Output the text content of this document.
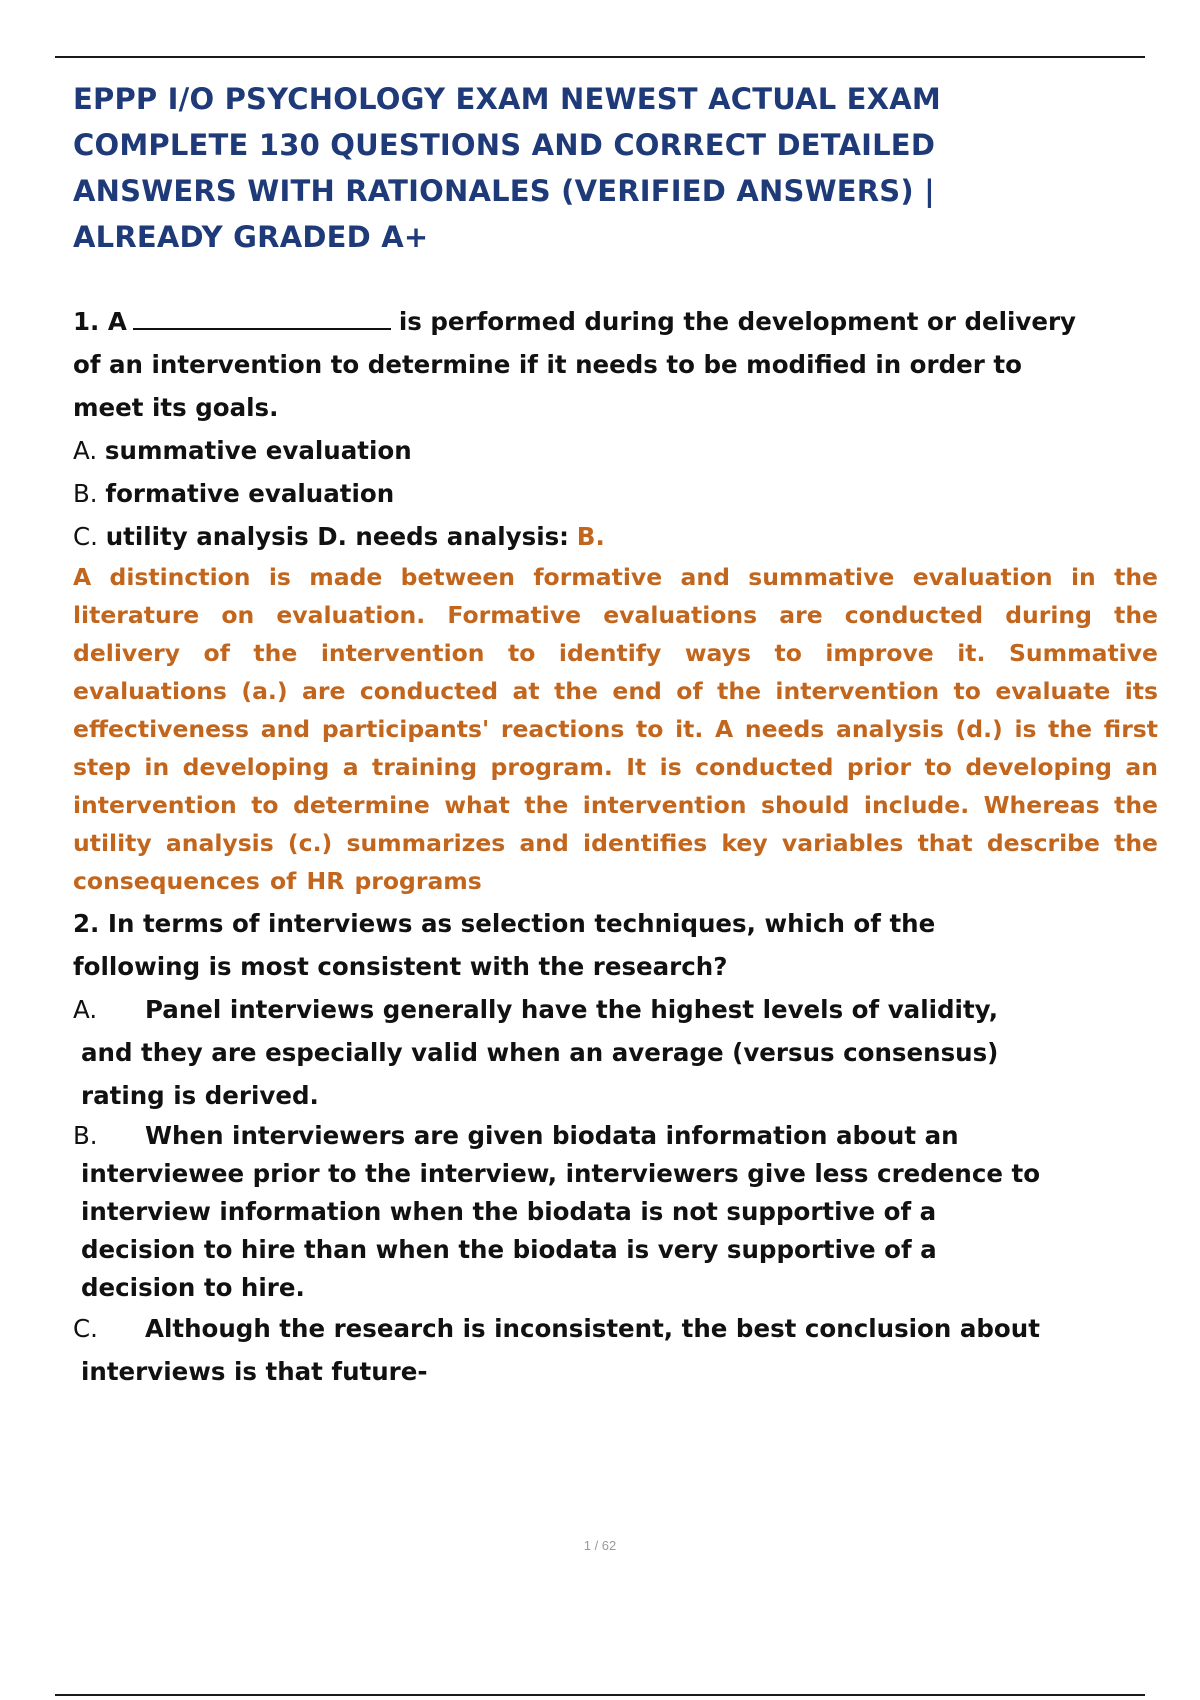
EPPP I/O PSYCHOLOGY EXAM NEWEST ACTUAL EXAM
COMPLETE 130 QUESTIONS AND CORRECT DETAILED
ANSWERS WITH RATIONALES (VERIFIED ANSWERS) |
ALREADY GRADED A+

1. A	is performed during the development or delivery
of an intervention to determine if it needs to be modified in order to
meet its goals.

A. summative evaluation

B. formative evaluation

C. utility analysis D. needs analysis: B.

A distinction is made between formative and summative evaluation in the literature on evaluation. Formative evaluations are conducted during the delivery of the intervention to identify ways to improve it. Summative evaluations (a.) are conducted at the end of the intervention to evaluate its effectiveness and participants' reactions to it. A needs analysis (d.) is the first step in developing a training program. It is conducted prior to developing an intervention to determine what the intervention should include. Whereas the utility analysis (c.) summarizes and identifies key variables that describe the consequences of HR programs

2. In terms of interviews as selection techniques, which of the
following is most consistent with the research?

A.	Panel interviews generally have the highest levels of validity,
and they are especially valid when an average (versus consensus)
rating is derived.
B.	When interviewers are given biodata information about an
interviewee prior to the interview, interviewers give less credence to
interview information when the biodata is not supportive of a
decision to hire than when the biodata is very supportive of a
decision to hire.
C.	Although the research is inconsistent, the best conclusion about
interviews is that future-
1 / 62
